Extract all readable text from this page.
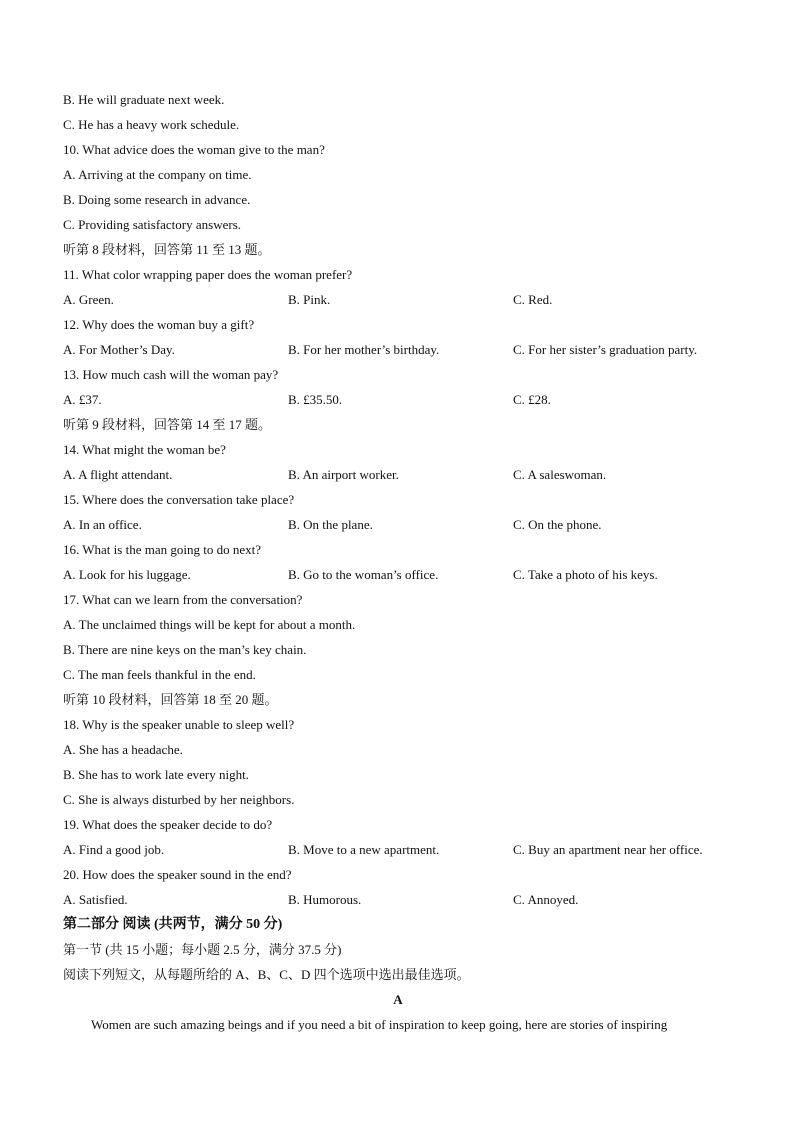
B. He will graduate next week.
C. He has a heavy work schedule.
10. What advice does the woman give to the man?
A. Arriving at the company on time.
B. Doing some research in advance.
C. Providing satisfactory answers.
听第 8 段材料，回答第 11 至 13 题。
11. What color wrapping paper does the woman prefer?
A. Green.	B. Pink.	C. Red.
12. Why does the woman buy a gift?
A. For Mother’s Day.	B. For her mother’s birthday.	C. For her sister’s graduation party.
13. How much cash will the woman pay?
A. £37.	B. £35.50.	C. £28.
听第 9 段材料，回答第 14 至 17 题。
14. What might the woman be?
A. A flight attendant.	B. An airport worker.	C. A saleswoman.
15. Where does the conversation take place?
A. In an office.	B. On the plane.	C. On the phone.
16. What is the man going to do next?
A. Look for his luggage.	B. Go to the woman’s office.	C. Take a photo of his keys.
17. What can we learn from the conversation?
A. The unclaimed things will be kept for about a month.
B. There are nine keys on the man’s key chain.
C. The man feels thankful in the end.
听第 10 段材料，回答第 18 至 20 题。
18. Why is the speaker unable to sleep well?
A. She has a headache.
B. She has to work late every night.
C. She is always disturbed by her neighbors.
19. What does the speaker decide to do?
A. Find a good job.	B. Move to a new apartment.	C. Buy an apartment near her office.
20. How does the speaker sound in the end?
A. Satisfied.	B. Humorous.	C. Annoyed.
第二部分 阅读 (共两节，满分 50 分)
第一节 (共 15 小题；每小题 2.5 分，满分 37.5 分)
阅读下列短文，从每题所给的 A、B、C、D 四个选项中选出最佳选项。
A
Women are such amazing beings and if you need a bit of inspiration to keep going, here are stories of inspiring
